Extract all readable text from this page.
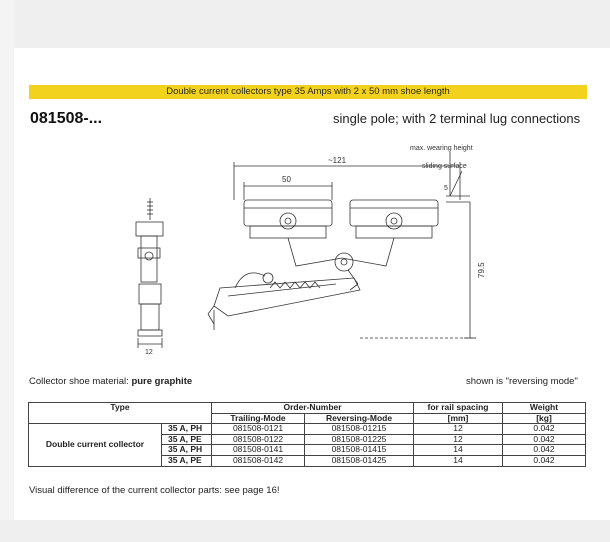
Double current collectors type 35 Amps with 2 x 50 mm shoe length
081508-...	single pole; with 2 terminal lug connections
12
~121
50
max. wearing height
sliding surface
5
79.5
Collector shoe material: pure graphite	shown is "reversing mode"
Type		Order-Number		for rail spacing	Weight
		Trailing-Mode	Reversing-Mode	[mm]	[kg]
Double current collector	35 A, PH	081508-0121	081508-01215	12	0.042
	35 A, PE	081508-0122	081508-01225	12	0.042
	35 A, PH	081508-0141	081508-01415	14	0.042
	35 A, PE	081508-0142	081508-01425	14	0.042
Visual difference of the current collector parts: see page 16!
